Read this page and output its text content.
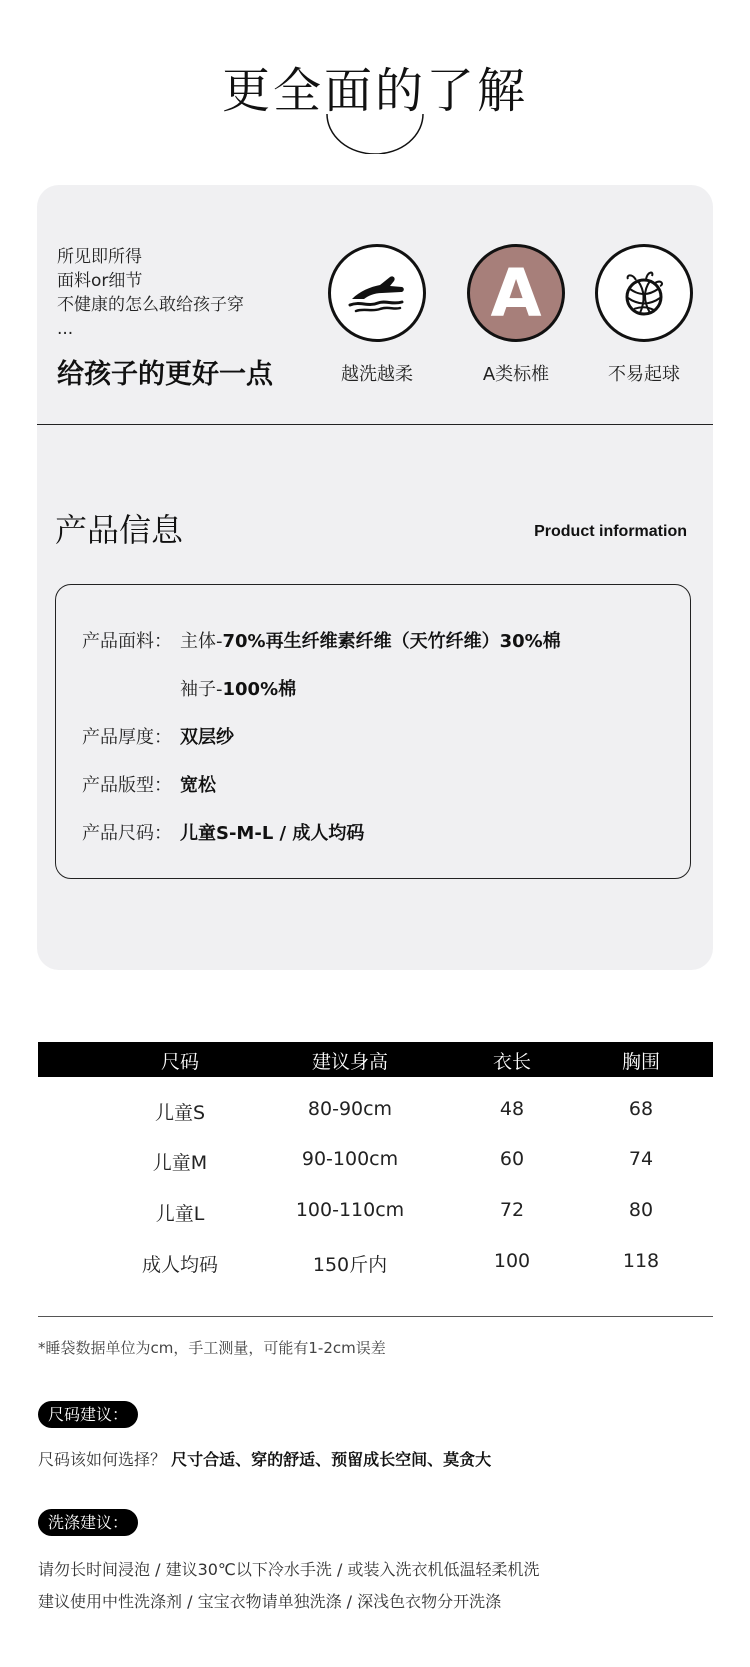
更全面的了解
所见即所得
面料or细节
不健康的怎么敢给孩子穿
...
给孩子的更好一点	越洗越柔
A
A类标椎	不易起球
产品信息	Product information
产品面料： 主体-70%再生纤维素纤维（天竹纤维）30%棉
袖子-100%棉
产品厚度： 双层纱
产品版型： 宽松
产品尺码： 儿童S-M-L / 成人均码
尺码	建议身高	衣长	胸围
儿童S	80-90cm	48	68
儿童M	90-100cm	60	74
儿童L	100-110cm	72	80
成人均码	150斤内	100	118
*睡袋数据单位为cm，手工测量，可能有1-2cm误差
尺码建议：
尺码该如何选择？ 尺寸合适、穿的舒适、预留成长空间、莫贪大
洗涤建议：
请勿长时间浸泡 / 建议30℃以下冷水手洗 / 或装入洗衣机低温轻柔机洗
建议使用中性洗涤剂 / 宝宝衣物请单独洗涤 / 深浅色衣物分开洗涤
